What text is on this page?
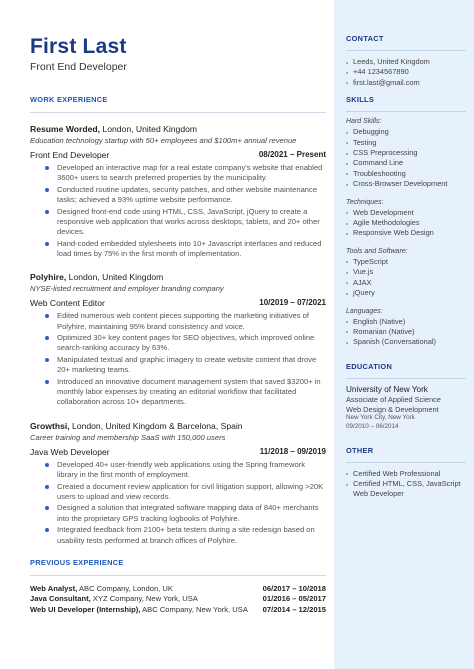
First Last
Front End Developer
WORK EXPERIENCE
Resume Worded, London, United Kingdom
Education technology startup with 50+ employees and $100m+ annual revenue
Front End Developer	08/2021 – Present
Developed an interactive map for a real estate company's website that enabled 3600+ users to search preferred properties by the municipality.
Conducted routine updates, security patches, and other website maintenance tasks; achieved a 93% uptime website performance.
Designed front-end code using HTML, CSS, JavaScript, jQuery to create a responsive web application that works across desktops, tablets, and 20+ other devices.
Hand-coded embedded stylesheets into 10+ Javascript interfaces and reduced load times by 75% in the first month of implementation.
Polyhire, London, United Kingdom
NYSE-listed recruitment and employer branding company
Web Content Editor	10/2019 – 07/2021
Edited numerous web content pieces supporting the marketing initiatives of Polyhire, maintaining 95% brand consistency and voice.
Optimized 30+ key content pages for SEO objectives, which improved online search-ranking accuracy by 63%.
Manipulated textual and graphic imagery to create website content that drove 20+ marketing teams.
Introduced an innovative document management system that saved $3200+ in monthly labor expenses by creating an editorial workflow that facilitated collaboration across 10+ departments.
Growthsi, London, United Kingdom & Barcelona, Spain
Career training and membership SaaS with 150,000 users
Java Web Developer	11/2018 – 09/2019
Developed 40+ user-friendly web applications using the Spring framework library in the first month of employment.
Created a document review application for civil litigation support, allowing >20K users to upload and view records.
Designed a solution that integrated software mapping data of 840+ merchants into the proprietary GPS tracking logbooks of Polyhire.
Integrated feedback from 2100+ beta testers during a site redesign based on usability tests performed at branch offices of Polyhire.
PREVIOUS EXPERIENCE
Web Analyst, ABC Company, London, UK	06/2017 – 10/2018
Java Consultant, XYZ Company, New York, USA	01/2016 – 05/2017
Web UI Developer (Internship), ABC Company, New York, USA 07/2014 – 12/2015
CONTACT
Leeds, United Kingdom
+44 1234567890
first.last@gmail.com
SKILLS
Hard Skills:
Debugging
Testing
CSS Preprocessing
Command Line
Troubleshooting
Cross-Browser Development
Techniques:
Web Development
Agile Methodologies
Responsive Web Design
Tools and Software:
TypeScript
Vue.js
AJAX
jQuery
Languages:
English (Native)
Romanian (Native)
Spanish (Conversational)
EDUCATION
University of New York
Associate of Applied Science
Web Design & Development
New York City, New York
09/2010 – 06/2014
OTHER
Certified Web Professional
Certified HTML, CSS, JavaScript Web Developer
